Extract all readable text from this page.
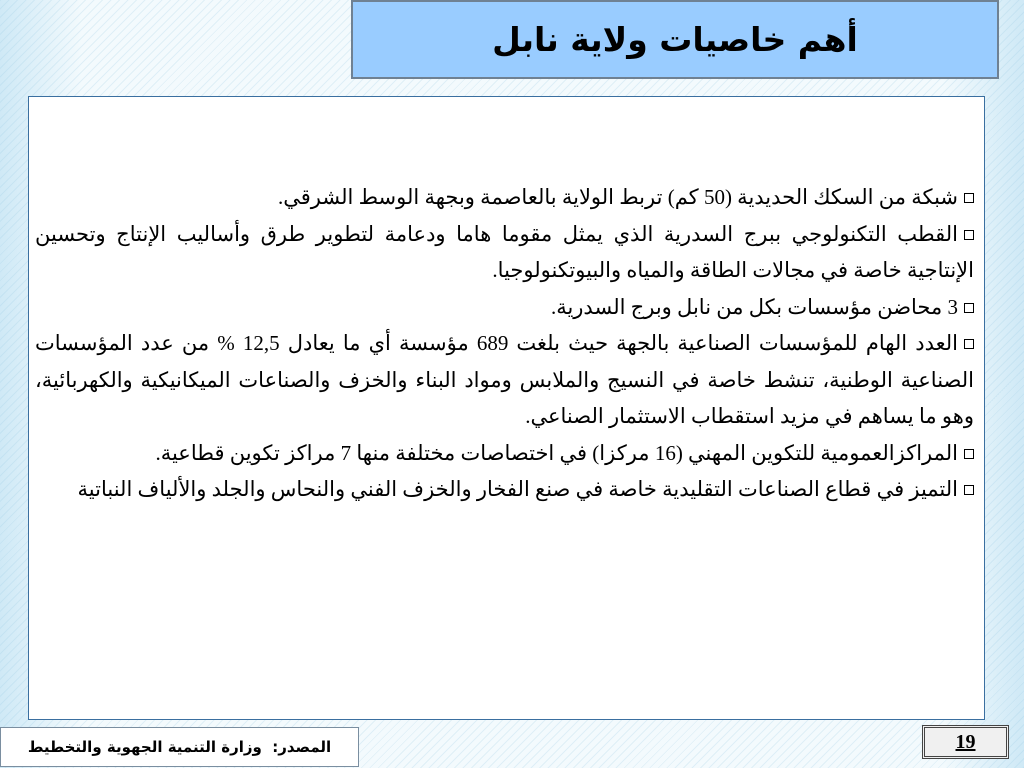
أهم خاصيات ولاية نابل

شبكة من السكك الحديدية (50 كم) تربط الولاية بالعاصمة وبجهة الوسط الشرقي.

القطب التكنولوجي ببرج السدرية الذي يمثل مقوما هاما ودعامة لتطوير طرق وأساليب الإنتاج وتحسين الإنتاجية خاصة في مجالات الطاقة والمياه والبيوتكنولوجيا.

3 محاضن مؤسسات بكل من نابل وبرج السدرية.

العدد الهام للمؤسسات الصناعية بالجهة حيث بلغت 689 مؤسسة أي ما يعادل 12,5 % من عدد المؤسسات الصناعية الوطنية، تنشط خاصة في النسيج والملابس ومواد البناء والخزف والصناعات الميكانيكية والكهربائية، وهو ما يساهم في مزيد استقطاب الاستثمار الصناعي.

المراكزالعمومية للتكوين المهني (16 مركزا) في اختصاصات مختلفة منها 7 مراكز تكوين قطاعية.

التميز في قطاع الصناعات التقليدية خاصة في صنع الفخار والخزف الفني والنحاس والجلد والألياف النباتية

المصدر:  وزارة التنمية الجهوية والتخطيط	19
